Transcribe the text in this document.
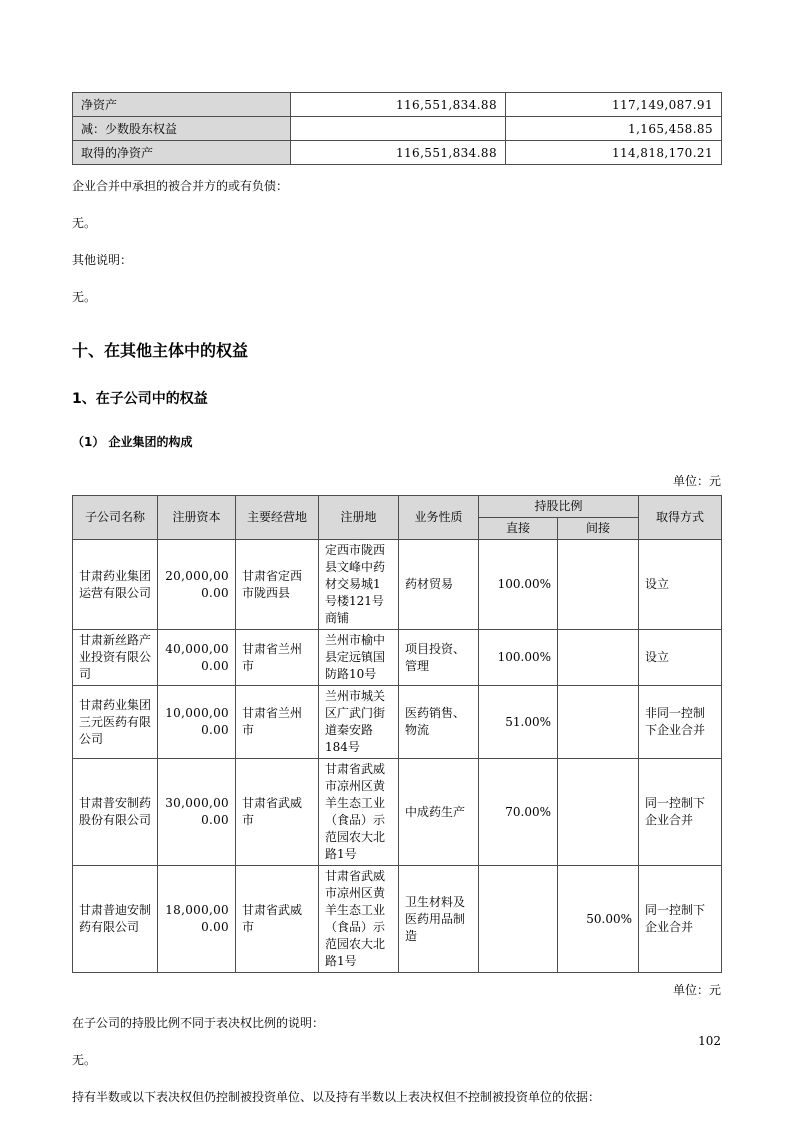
净资产	116,551,834.88	117,149,087.91
减：少数股东权益		1,165,458.85
取得的净资产	116,551,834.88	114,818,170.21

企业合并中承担的被合并方的或有负债：

无。

其他说明：

无。

十、在其他主体中的权益
1、在子公司中的权益
（1） 企业集团的构成
单位：元
子公司名称	注册资本	主要经营地	注册地	业务性质	持股比例		取得方式
					直接	间接	
甘肃药业集团运营有限公司	20,000,000.00	甘肃省定西市陇西县	定西市陇西县文峰中药材交易城1号楼121号商铺	药材贸易	100.00%		设立
甘肃新丝路产业投资有限公司	40,000,000.00	甘肃省兰州市	兰州市榆中县定远镇国防路10号	项目投资、管理	100.00%		设立
甘肃药业集团三元医药有限公司	10,000,000.00	甘肃省兰州市	兰州市城关区广武门街道秦安路184号	医药销售、物流	51.00%		非同一控制下企业合并
甘肃普安制药股份有限公司	30,000,000.00	甘肃省武威市	甘肃省武威市凉州区黄羊生态工业（食品）示范园农大北路1号	中成药生产	70.00%		同一控制下企业合并
甘肃普迪安制药有限公司	18,000,000.00	甘肃省武威市	甘肃省武威市凉州区黄羊生态工业（食品）示范园农大北路1号	卫生材料及医药用品制造		50.00%	同一控制下企业合并
单位：元

在子公司的持股比例不同于表决权比例的说明：

无。

持有半数或以下表决权但仍控制被投资单位、以及持有半数以上表决权但不控制被投资单位的依据：

102
